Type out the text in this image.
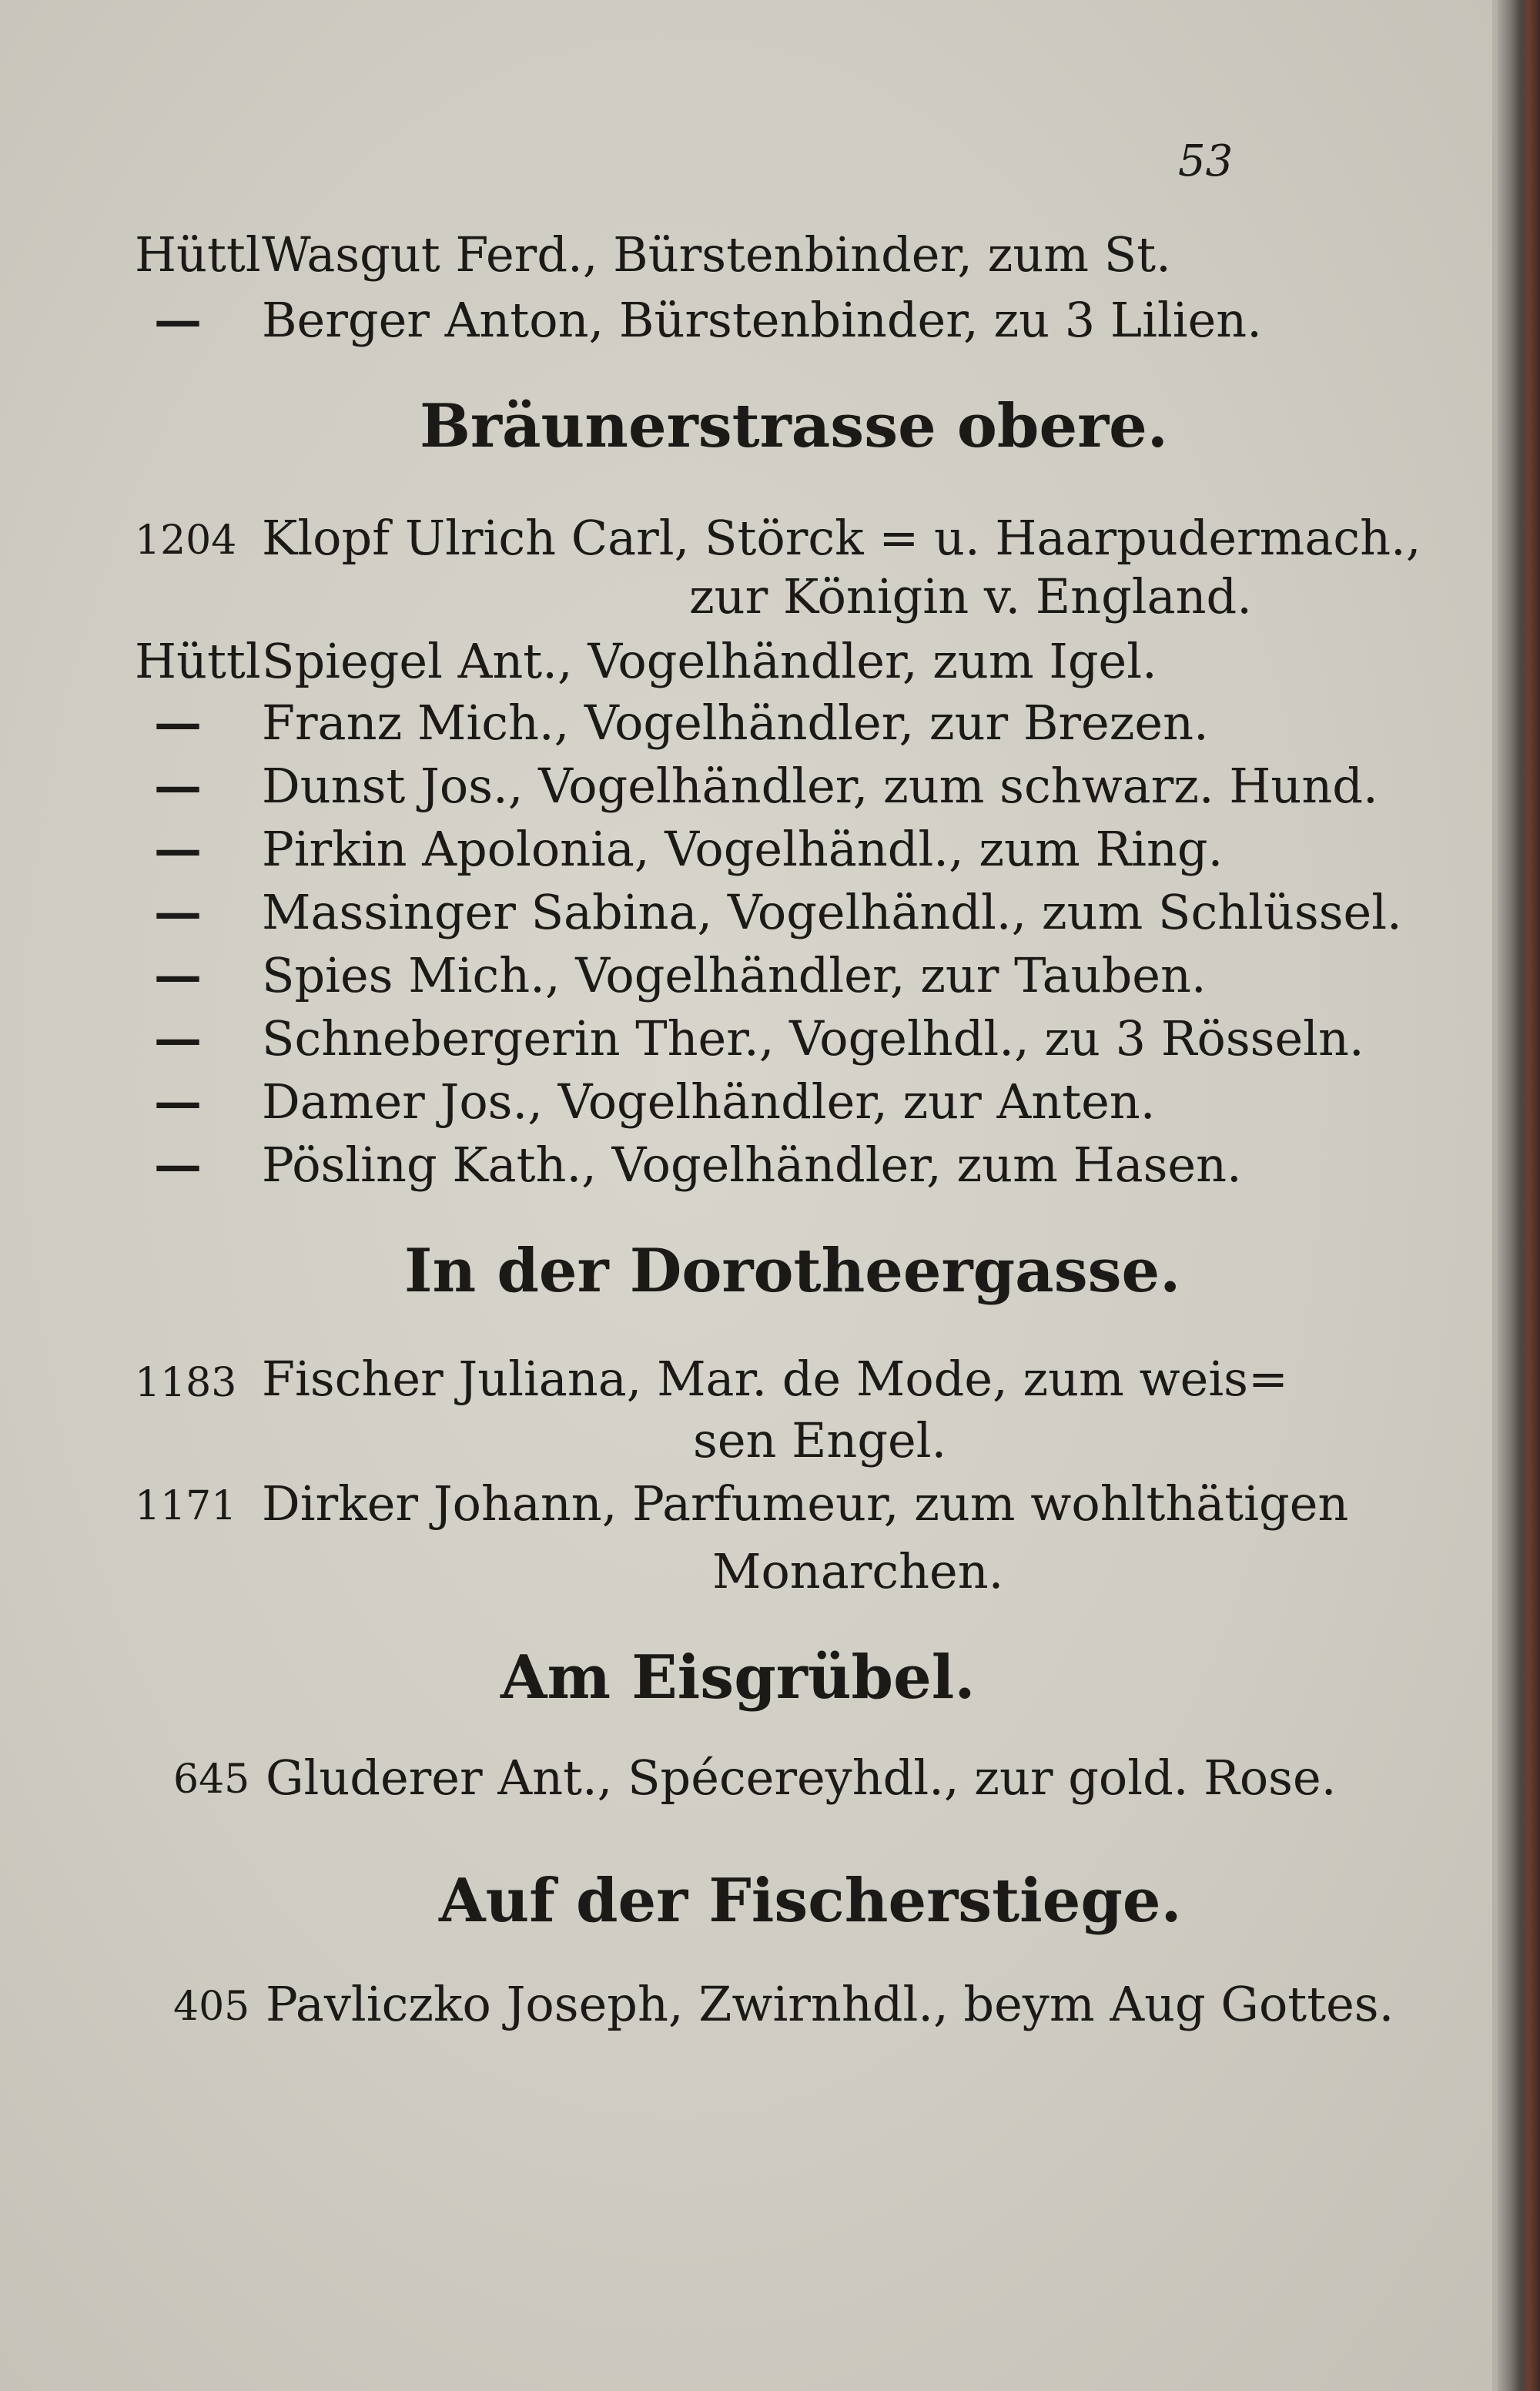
53
Hüttl Wasgut Ferd., Bürstenbinder, zum St.
— Berger Anton, Bürstenbinder, zu 3 Lilien.
Bräunerstrasse obere.
1204 Klopf Ulrich Carl, Störck = u. Haarpudermach.,
zur Königin v. England.
Hüttl Spiegel Ant., Vogelhändler, zum Igel.
— Franz Mich., Vogelhändler, zur Brezen.
— Dunst Jos., Vogelhändler, zum schwarz. Hund.
— Pirkin Apolonia, Vogelhändl., zum Ring.
— Massinger Sabina, Vogelhändl., zum Schlüssel.
— Spies Mich., Vogelhändler, zur Tauben.
— Schnebergerin Ther., Vogelhdl., zu 3 Rösseln.
— Damer Jos., Vogelhändler, zur Anten.
— Pösling Kath., Vogelhändler, zum Hasen.
In der Dorotheergasse.
1183 Fischer Juliana, Mar. de Mode, zum weis=
sen Engel.
1171 Dirker Johann, Parfumeur, zum wohlthätigen
Monarchen.
Am Eisgrübel.
645 Gluderer Ant., Spécereyhdl., zur gold. Rose.
Auf der Fischerstiege.
405 Pavliczko Joseph, Zwirnhdl., beym Aug Gottes.
